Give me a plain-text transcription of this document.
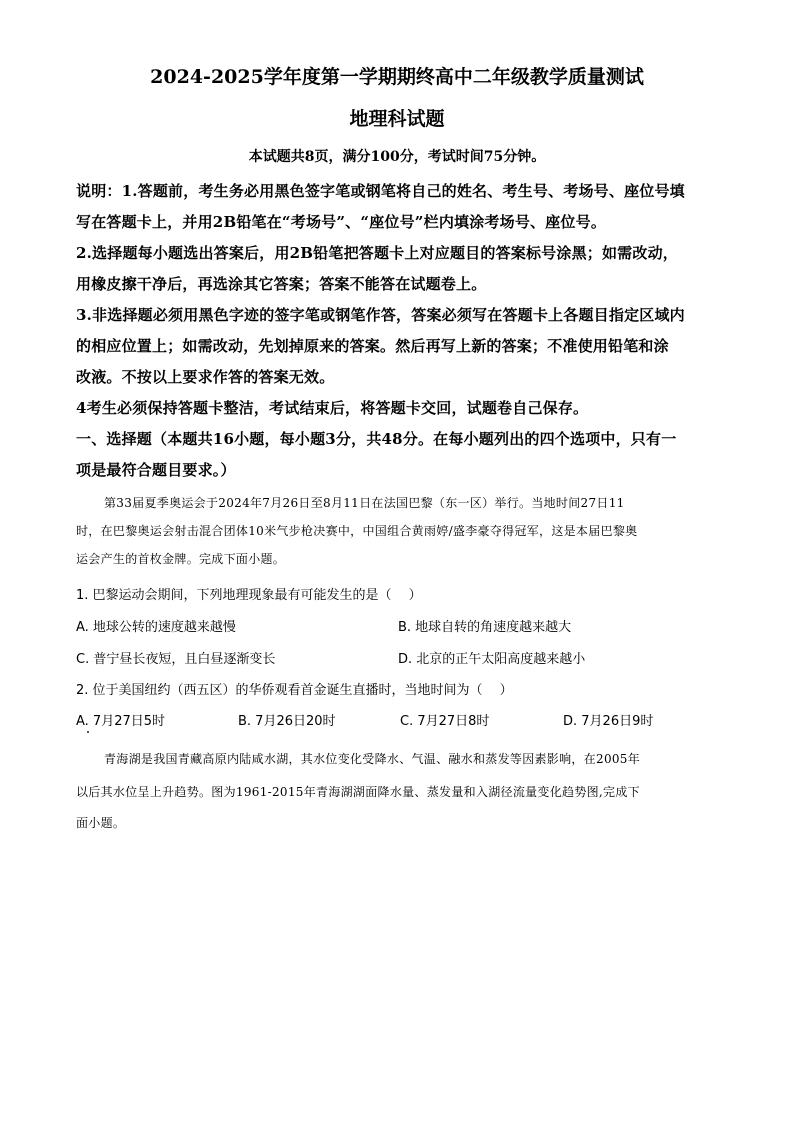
2024-2025学年度第一学期期终高中二年级教学质量测试
地理科试题
本试题共8页，满分100分，考试时间75分钟。
说明：1.答题前，考生务必用黑色签字笔或钢笔将自己的姓名、考生号、考场号、座位号填
写在答题卡上，并用2B铅笔在“考场号”、“座位号”栏内填涂考场号、座位号。
2.选择题每小题选出答案后，用2B铅笔把答题卡上对应题目的答案标号涂黑；如需改动，
用橡皮擦干净后，再选涂其它答案；答案不能答在试题卷上。
3.非选择题必须用黑色字迹的签字笔或钢笔作答，答案必须写在答题卡上各题目指定区域内
的相应位置上；如需改动，先划掉原来的答案。然后再写上新的答案；不准使用铅笔和涂
改液。不按以上要求作答的答案无效。
4考生必须保持答题卡整洁，考试结束后，将答题卡交回，试题卷自己保存。
一、选择题（本题共16小题，每小题3分，共48分。在每小题列出的四个选项中，只有一
项是最符合题目要求。）
第33届夏季奥运会于2024年7月26日至8月11日在法国巴黎（东一区）举行。当地时间27日11
时，在巴黎奥运会射击混合团体10米气步枪决赛中，中国组合黄雨婷/盛李豪夺得冠军，这是本届巴黎奥
运会产生的首枚金牌。完成下面小题。
1. 巴黎运动会期间，下列地理现象最有可能发生的是（　 ）
A. 地球公转的速度越来越慢	B. 地球自转的角速度越来越大
C. 普宁昼长夜短，且白昼逐渐变长	D. 北京的正午太阳高度越来越小
2. 位于美国纽约（西五区）的华侨观看首金诞生直播时，当地时间为（　 ）
A. 7月27日5时	B. 7月26日20时	C. 7月27日8时	D. 7月26日9时
青海湖是我国青藏高原内陆咸水湖，其水位变化受降水、气温、融水和蒸发等因素影响，在2005年
以后其水位呈上升趋势。图为1961-2015年青海湖湖面降水量、蒸发量和入湖径流量变化趋势图,完成下
面小题。
